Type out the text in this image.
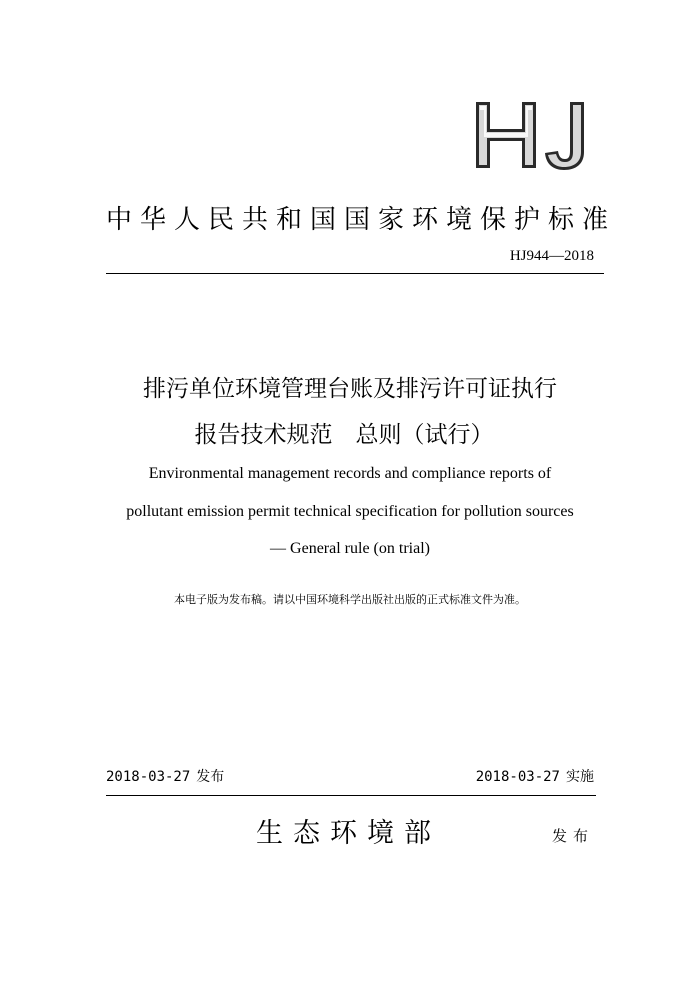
中华人民共和国国家环境保护标准
HJ944—2018
排污单位环境管理台账及排污许可证执行
报告技术规范　总则（试行）
Environmental management records and compliance reports of
pollutant emission permit technical specification for pollution sources
— General rule (on trial)
本电子版为发布稿。请以中国环境科学出版社出版的正式标准文件为准。
2018-03-27 发布	2018-03-27 实施
生态环境部	发布
